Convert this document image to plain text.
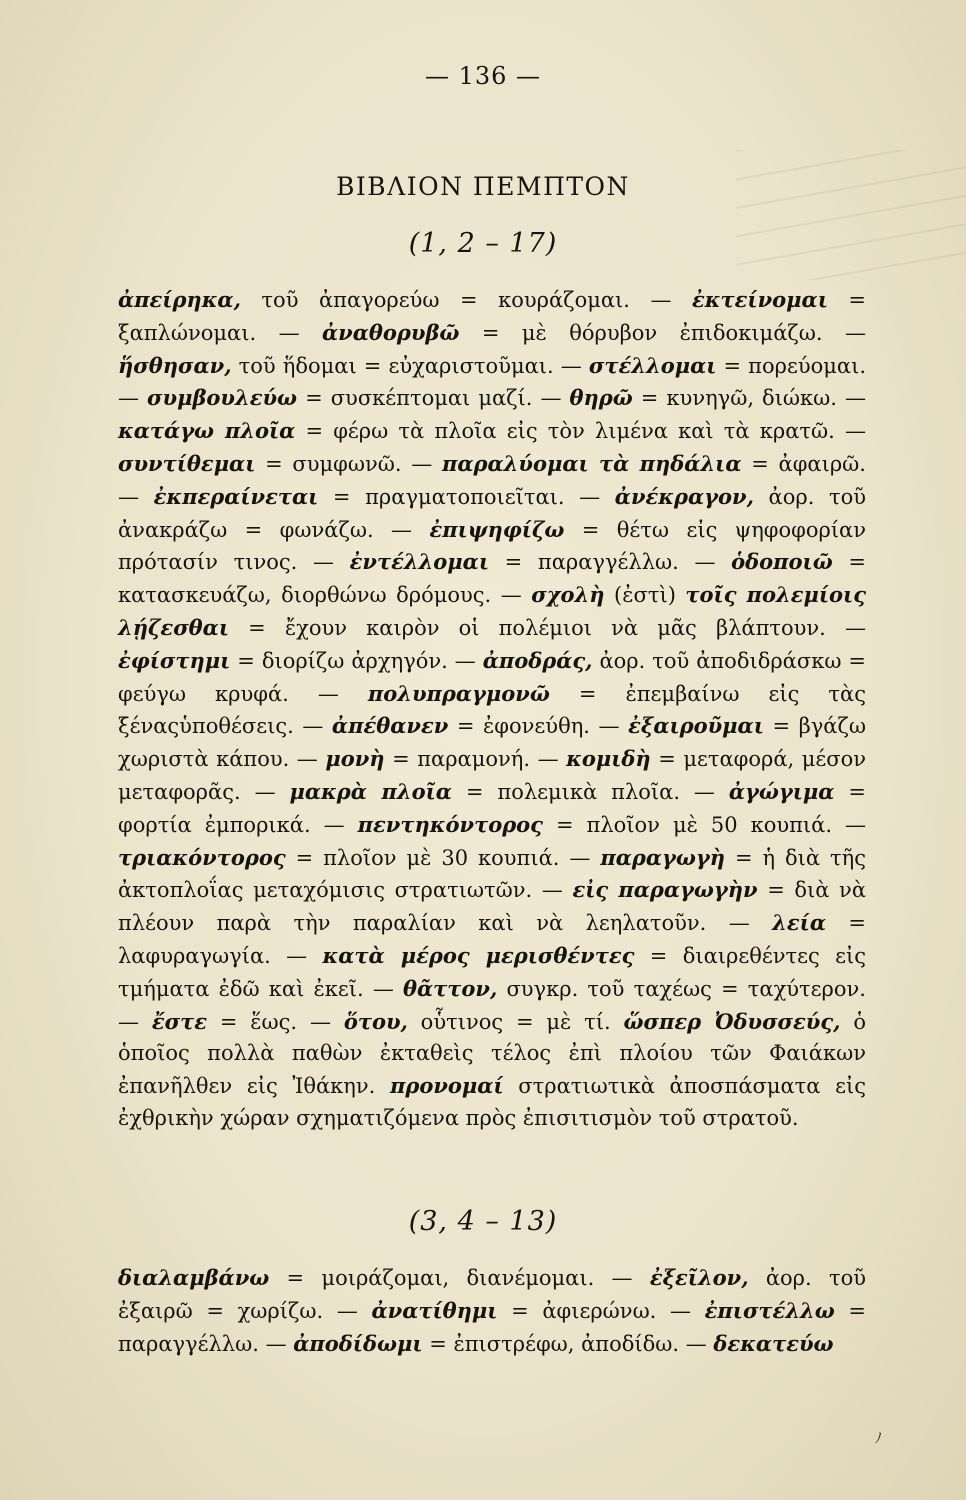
— 136 —
ΒΙΒΛΙΟΝ ΠΕΜΠΤΟΝ
(1, 2 – 17)

ἀπείρηκα, τοῦ ἀπαγορεύω = κουράζομαι. — ἐκτείνομαι = ξαπλώνομαι. — ἀναθορυβῶ = μὲ θόρυβον ἐπιδοκιμάζω. — ἥσθησαν, τοῦ ἥδομαι = εὐχαριστοῦμαι. — στέλλομαι = πορεύομαι. — συμβουλεύω = συσκέπτομαι μαζί. — θηρῶ = κυνηγῶ, διώκω. — κατάγω πλοῖα = φέρω τὰ πλοῖα εἰς τὸν λιμένα καὶ τὰ κρατῶ. — συντίθεμαι = συμφωνῶ. — παραλύομαι τὰ πηδάλια = ἀφαιρῶ. — ἐκπεραίνεται = πραγματοποιεῖται. — ἀνέκραγον, ἀορ. τοῦ ἀνακράζω = φωνάζω. — ἐπιψηφίζω = θέτω εἰς ψηφοφορίαν πρότασίν τινος. — ἐντέλλομαι = παραγγέλλω. — ὁδοποιῶ = κατασκευάζω, διορθώνω δρόμους. — σχολὴ (ἐστὶ) τοῖς πολεμίοις λῄζεσθαι = ἔχουν καιρὸν οἱ πολέμιοι νὰ μᾶς βλάπτουν. — ἐφίστημι = διορίζω ἀρχηγόν. — ἀποδράς, ἀορ. τοῦ ἀποδιδράσκω = φεύγω κρυφά. — πολυπραγμονῶ = ἐπεμβαίνω εἰς τὰς ξέναςὑποθέσεις. — ἀπέθανεν = ἐφονεύθη. — ἐξαιροῦμαι = βγάζω χωριστὰ κάπου. — μονὴ = παραμονή. — κομιδὴ = μεταφορά, μέσον μεταφορᾶς. — μακρὰ πλοῖα = πολεμικὰ πλοῖα. — ἀγώγιμα = φορτία ἐμπορικά. — πεντηκόντορος = πλοῖον μὲ 50 κουπιά. — τριακόντορος = πλοῖον μὲ 30 κουπιά. — παραγωγὴ = ἡ διὰ τῆς ἀκτοπλοΐας μεταχόμισις στρατιωτῶν. — εἰς παραγωγὴν = διὰ νὰ πλέουν παρὰ τὴν παραλίαν καὶ νὰ λεηλατοῦν. — λεία = λαφυραγωγία. — κατὰ μέρος μερισθέντες = διαιρεθέντες εἰς τμήματα ἐδῶ καὶ ἐκεῖ. — θᾶττον, συγκρ. τοῦ ταχέως = ταχύτερον. — ἔστε = ἕως. — ὅτου, οὗτινος = μὲ τί. ὥσπερ Ὀδυσσεύς, ὁ ὁποῖος πολλὰ παθὼν ἐκταθεὶς τέλος ἐπὶ πλοίου τῶν Φαιάκων ἐπανῆλθεν εἰς Ἰθάκην. προνομαί στρατιωτικὰ ἀποσπάσματα εἰς ἐχθρικὴν χώραν σχηματιζόμενα πρὸς ἐπισιτισμὸν τοῦ στρατοῦ.

(3, 4 – 13)

διαλαμβάνω = μοιράζομαι, διανέμομαι. — ἐξεῖλον, ἀορ. τοῦ ἐξαιρῶ = χωρίζω. — ἀνατίθημι = ἀφιερώνω. — ἐπιστέλλω = παραγγέλλω. — ἀποδίδωμι = ἐπιστρέφω, ἀποδίδω. — δεκατεύω

ﾉ
